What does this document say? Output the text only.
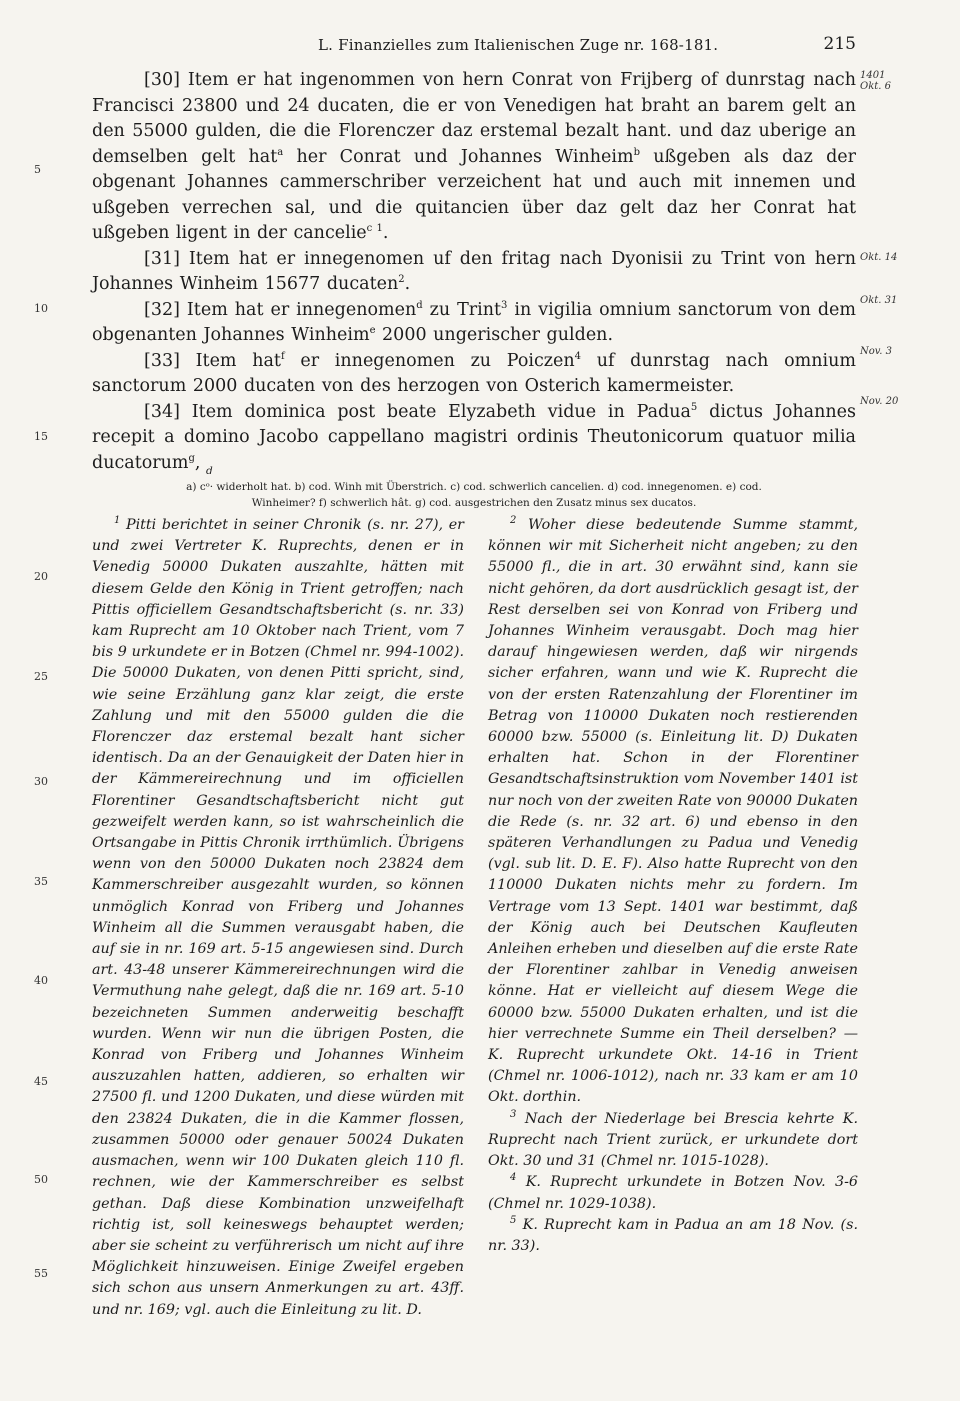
L. Finanzielles zum Italienischen Zuge nr. 168-181.	215
5
10
15
1401
Okt. 6
Okt. 14
Okt. 31
Nov. 3
Nov. 20

[30] Item er hat ingenommen von hern Conrat von Frijberg of dunrstag nach Francisci 23800 und 24 ducaten, die er von Venedigen hat braht an barem gelt an den 55000 gulden, die die Florenczer daz erstemal bezalt hant. und daz uberige an demselben gelt hat$^a$ her Conrat und Johannes Winheim$^b$ ußgeben als daz der obgenant Johannes cammerschriber verzeichent hat und auch mit innemen und ußgeben verrechen sal, und die quitancien über daz gelt daz her Conrat hat ußgeben ligent in der cancelie$^{c 1}$.

[31] Item hat er innegenomen uf den fritag nach Dyonisii zu Trint von hern Johannes Winheim 15677 ducaten$^2$.

[32] Item hat er innegenomen$^d$ zu Trint$^3$ in vigilia omnium sanctorum von dem obgenanten Johannes Winheim$^e$ 2000 ungerischer gulden.

[33] Item hat$^f$ er innegenomen zu Poiczen$^4$ uf dunrstag nach omnium sanctorum 2000 ducaten von des herzogen von Osterich kamermeister.

[34] Item dominica post beate Elyzabeth vidue in Padua$^5$ dictus Johannes recepit a domino Jacobo cappellano magistri ordinis Theutonicorum quatuor milia ducatorum$^g$, d
a) cᵒ· widerholt hat. b) cod. Winh mit Überstrich. c) cod. schwerlich cancelien. d) cod. innegenomen. e) cod.
Winheimer? f) schwerlich hât. g) cod. ausgestrichen den Zusatz minus sex ducatos.
20
25
30
35
40
45
50
55

$^1$ Pitti berichtet in seiner Chronik (s. nr. 27), er und zwei Vertreter K. Ruprechts, denen er in Venedig 50000 Dukaten auszahlte, hätten mit diesem Gelde den König in Trient getroffen; nach Pittis officiellem Gesandtschaftsbericht (s. nr. 33) kam Ruprecht am 10 Oktober nach Trient, vom 7 bis 9 urkundete er in Botzen (Chmel nr. 994-1002). Die 50000 Dukaten, von denen Pitti spricht, sind, wie seine Erzählung ganz klar zeigt, die erste Zahlung und mit den 55000 gulden die die Florenczer daz erstemal bezalt hant sicher identisch. Da an der Genauigkeit der Daten hier in der Kämmereirechnung und im officiellen Florentiner Gesandtschaftsbericht nicht gut gezweifelt werden kann, so ist wahrscheinlich die Ortsangabe in Pittis Chronik irrthümlich. Übrigens wenn von den 50000 Dukaten noch 23824 dem Kammerschreiber ausgezahlt wurden, so können unmöglich Konrad von Friberg und Johannes Winheim all die Summen verausgabt haben, die auf sie in nr. 169 art. 5-15 angewiesen sind. Durch art. 43-48 unserer Kämmereirechnungen wird die Vermuthung nahe gelegt, daß die nr. 169 art. 5-10 bezeichneten Summen anderweitig beschafft wurden. Wenn wir nun die übrigen Posten, die Konrad von Friberg und Johannes Winheim auszuzahlen hatten, addieren, so erhalten wir 27500 fl. und 1200 Dukaten, und diese würden mit den 23824 Dukaten, die in die Kammer flossen, zusammen 50000 oder genauer 50024 Dukaten ausmachen, wenn wir 100 Dukaten gleich 110 fl. rechnen, wie der Kammerschreiber es selbst gethan. Daß diese Kombination unzweifelhaft richtig ist, soll keineswegs behauptet werden; aber sie scheint zu verführerisch um nicht auf ihre Möglichkeit hinzuweisen. Einige Zweifel ergeben sich schon aus unsern Anmerkungen zu art. 43ff. und nr. 169; vgl. auch die Einleitung zu lit. D.

$^2$ Woher diese bedeutende Summe stammt, können wir mit Sicherheit nicht angeben; zu den 55000 fl., die in art. 30 erwähnt sind, kann sie nicht gehören, da dort ausdrücklich gesagt ist, der Rest derselben sei von Konrad von Friberg und Johannes Winheim verausgabt. Doch mag hier darauf hingewiesen werden, daß wir nirgends sicher erfahren, wann und wie K. Ruprecht die von der ersten Ratenzahlung der Florentiner im Betrag von 110000 Dukaten noch restierenden 60000 bzw. 55000 (s. Einleitung lit. D) Dukaten erhalten hat. Schon in der Florentiner Gesandtschaftsinstruktion vom November 1401 ist nur noch von der zweiten Rate von 90000 Dukaten die Rede (s. nr. 32 art. 6) und ebenso in den späteren Verhandlungen zu Padua und Venedig (vgl. sub lit. D. E. F). Also hatte Ruprecht von den 110000 Dukaten nichts mehr zu fordern. Im Vertrage vom 13 Sept. 1401 war bestimmt, daß der König auch bei Deutschen Kaufleuten Anleihen erheben und dieselben auf die erste Rate der Florentiner zahlbar in Venedig anweisen könne. Hat er vielleicht auf diesem Wege die 60000 bzw. 55000 Dukaten erhalten, und ist die hier verrechnete Summe ein Theil derselben? — K. Ruprecht urkundete Okt. 14-16 in Trient (Chmel nr. 1006-1012), nach nr. 33 kam er am 10 Okt. dorthin.

$^3$ Nach der Niederlage bei Brescia kehrte K. Ruprecht nach Trient zurück, er urkundete dort Okt. 30 und 31 (Chmel nr. 1015-1028).

$^4$ K. Ruprecht urkundete in Botzen Nov. 3-6 (Chmel nr. 1029-1038).

$^5$ K. Ruprecht kam in Padua an am 18 Nov. (s. nr. 33).
